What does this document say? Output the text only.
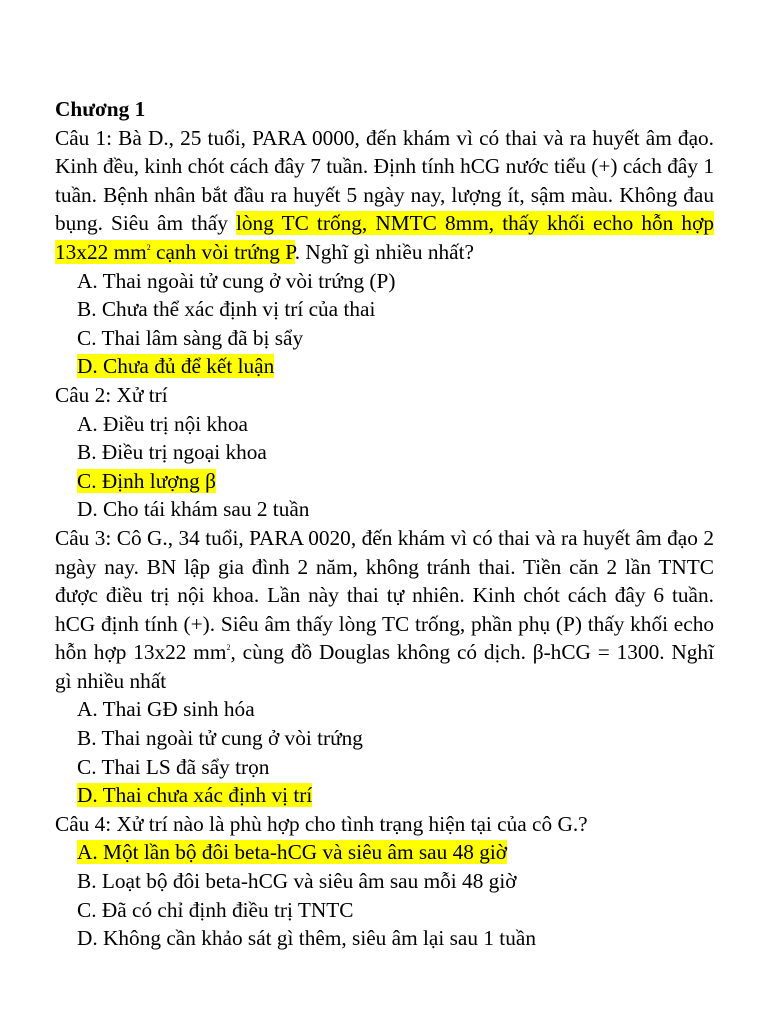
Chương 1
Câu 1: Bà D., 25 tuổi, PARA 0000, đến khám vì có thai và ra huyết âm đạo. Kinh đều, kinh chót cách đây 7 tuần. Định tính hCG nước tiểu (+) cách đây 1 tuần. Bệnh nhân bắt đầu ra huyết 5 ngày nay, lượng ít, sậm màu. Không đau bụng. Siêu âm thấy lòng TC trống, NMTC 8mm, thấy khối echo hỗn hợp 13x22 $mm^2$ cạnh vòi trứng P. Nghĩ gì nhiều nhất?
A. Thai ngoài tử cung ở vòi trứng (P)
B. Chưa thể xác định vị trí của thai
C. Thai lâm sàng đã bị sẩy
D. Chưa đủ để kết luận
Câu 2: Xử trí
A. Điều trị nội khoa
B. Điều trị ngoại khoa
C. Định lượng β
D. Cho tái khám sau 2 tuần
Câu 3: Cô G., 34 tuổi, PARA 0020, đến khám vì có thai và ra huyết âm đạo 2 ngày nay. BN lập gia đình 2 năm, không tránh thai. Tiền căn 2 lần TNTC được điều trị nội khoa. Lần này thai tự nhiên. Kinh chót cách đây 6 tuần. hCG định tính (+). Siêu âm thấy lòng TC trống, phần phụ (P) thấy khối echo hỗn hợp 13x22 $mm^2$, cùng đồ Douglas không có dịch. β-hCG = 1300. Nghĩ gì nhiều nhất
A. Thai GĐ sinh hóa
B. Thai ngoài tử cung ở vòi trứng
C. Thai LS đã sẩy trọn
D. Thai chưa xác định vị trí
Câu 4: Xử trí nào là phù hợp cho tình trạng hiện tại của cô G.?
A. Một lần bộ đôi beta-hCG và siêu âm sau 48 giờ
B. Loạt bộ đôi beta-hCG và siêu âm sau mỗi 48 giờ
C. Đã có chỉ định điều trị TNTC
D. Không cần khảo sát gì thêm, siêu âm lại sau 1 tuần
